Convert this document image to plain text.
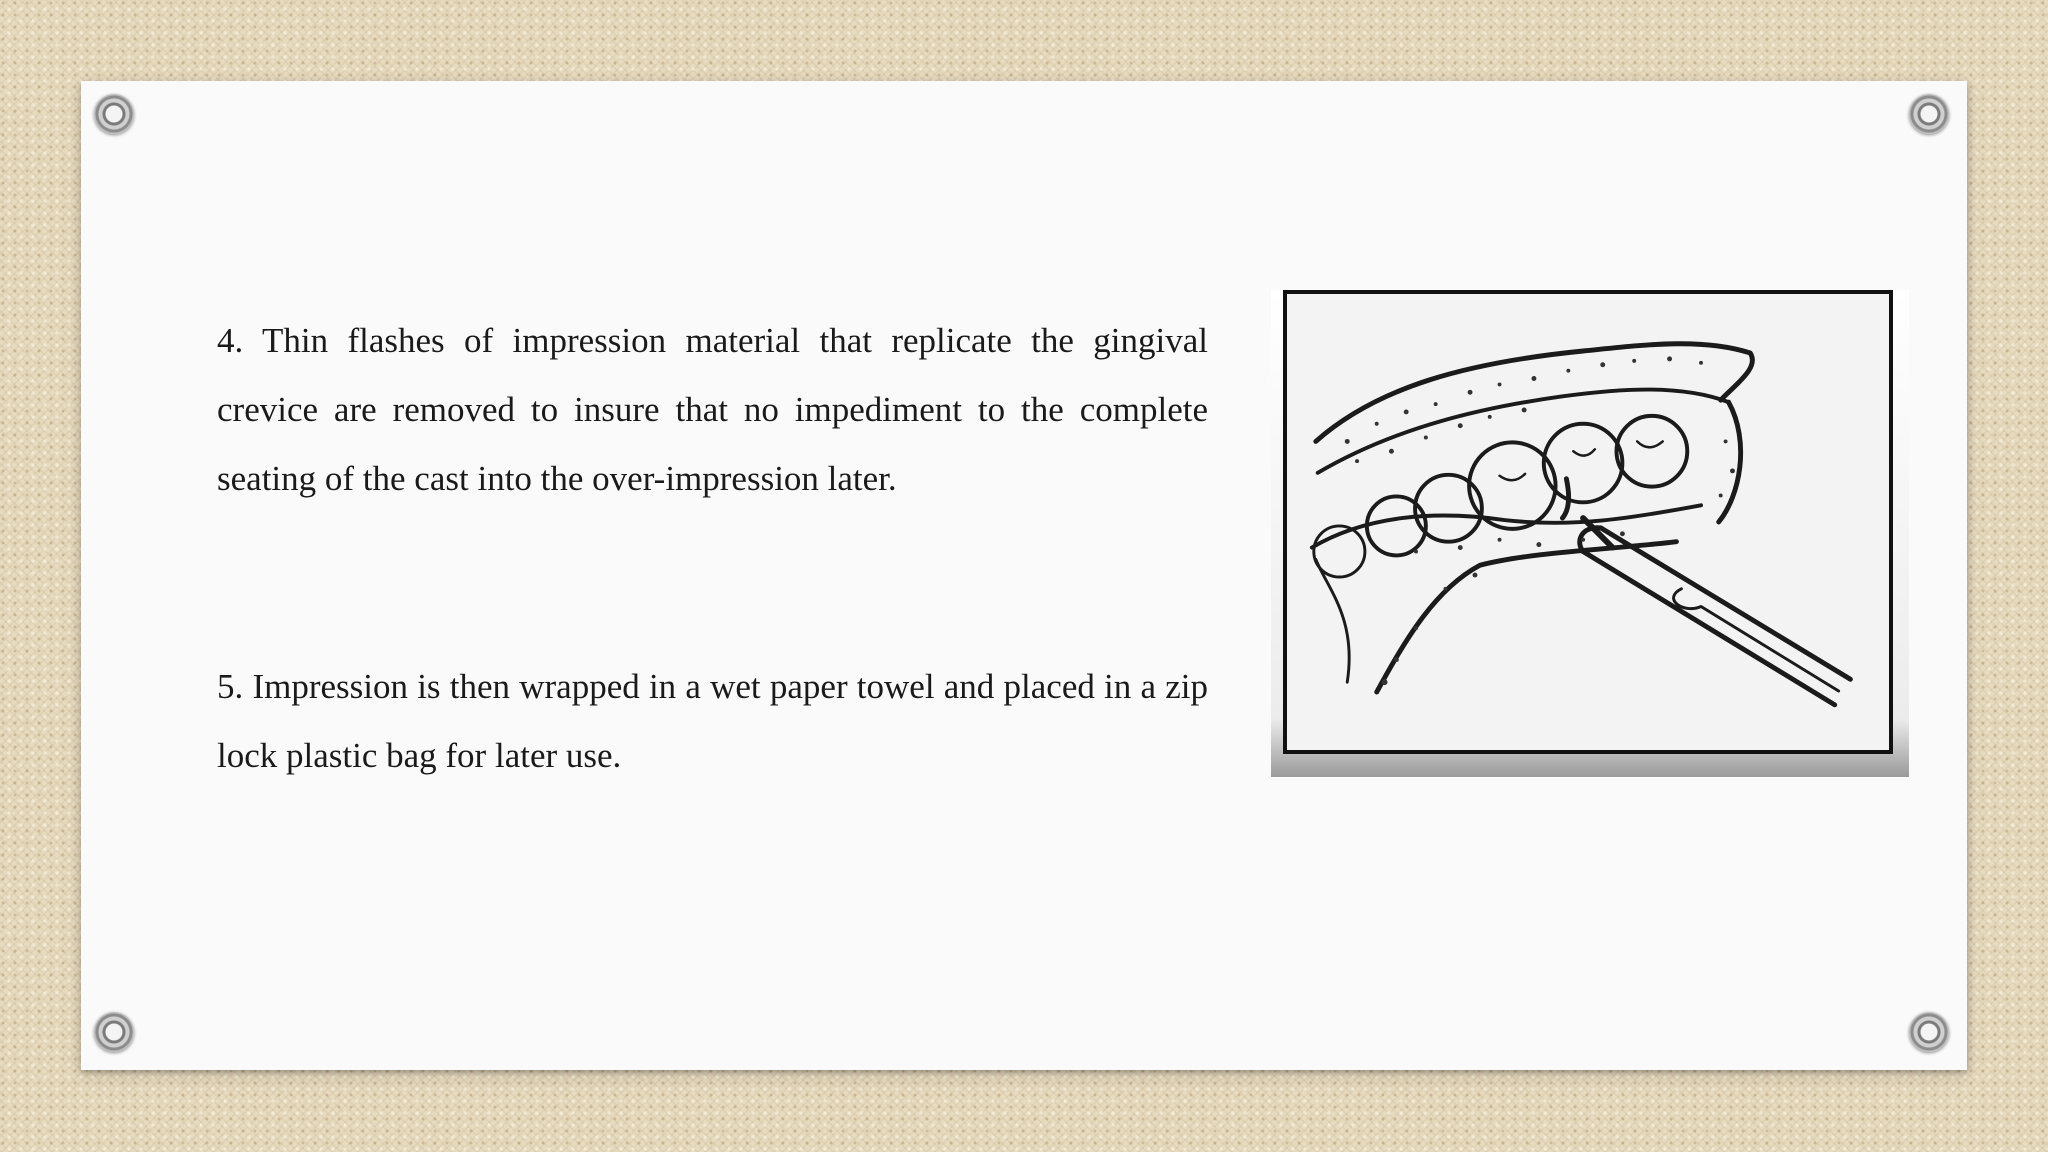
4. Thin flashes of impression material that replicate the gingival crevice are removed to insure that no impediment to the complete seating of the cast into the over-impression later.

5. Impression is then wrapped in a wet paper towel and placed in a zip lock plastic bag for later use.
